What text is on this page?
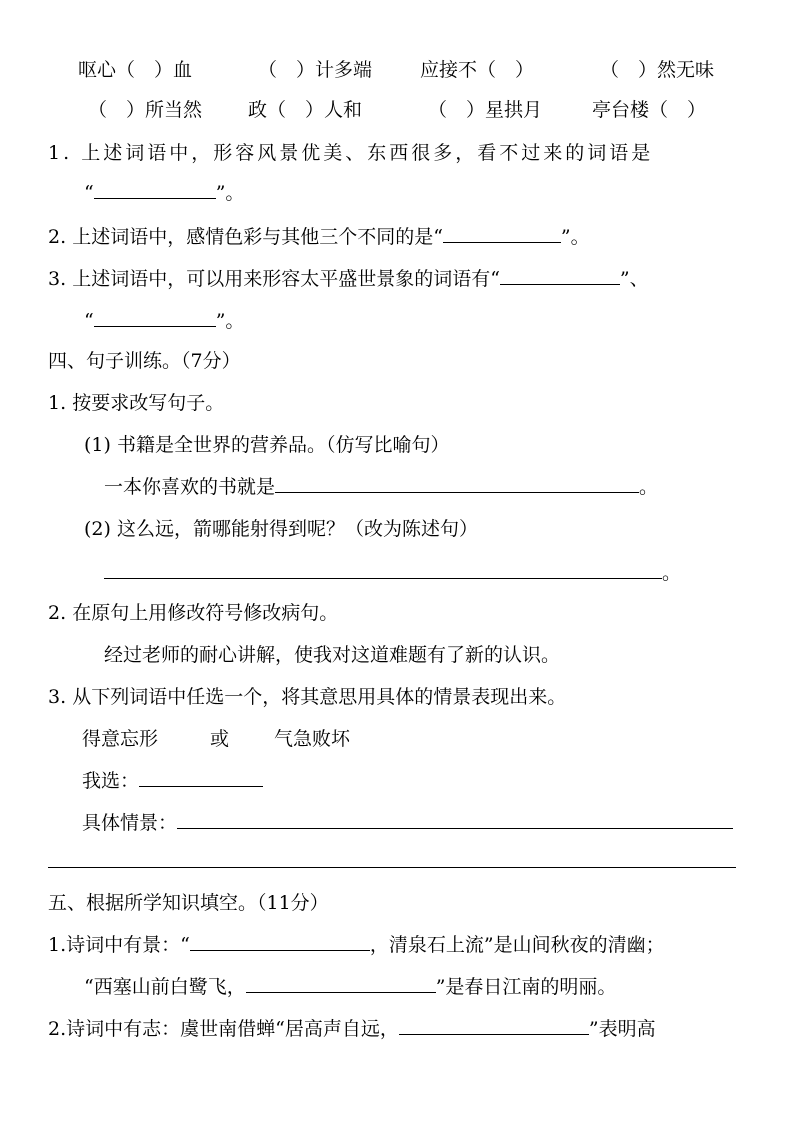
呕心（　）血	（　）计多端	应接不（　）	（　）然无味
（　）所当然 政（　）人和	（　）星拱月	亭台楼（　）
1. 上述词语中，形容风景优美、东西很多，看不过来的词语是
“	”。
2. 上述词语中，感情色彩与其他三个不同的是“	”。
3. 上述词语中，可以用来形容太平盛世景象的词语有“	”、
“	”。
四、句子训练。（7分）
1. 按要求改写句子。
(1) 书籍是全世界的营养品。（仿写比喻句）
一本你喜欢的书就是	。
(2) 这么远，箭哪能射得到呢？（改为陈述句）
。
2. 在原句上用修改符号修改病句。
经过老师的耐心讲解，使我对这道难题有了新的认识。
3. 从下列词语中任选一个，将其意思用具体的情景表现出来。
得意忘形	或 气急败坏
我选：
具体情景：
五、根据所学知识填空。（11分）
1.诗词中有景：“	，清泉石上流”是山间秋夜的清幽；
“西塞山前白鹭飞，	”是春日江南的明丽。
2.诗词中有志：虞世南借蝉“居高声自远，	”表明高
